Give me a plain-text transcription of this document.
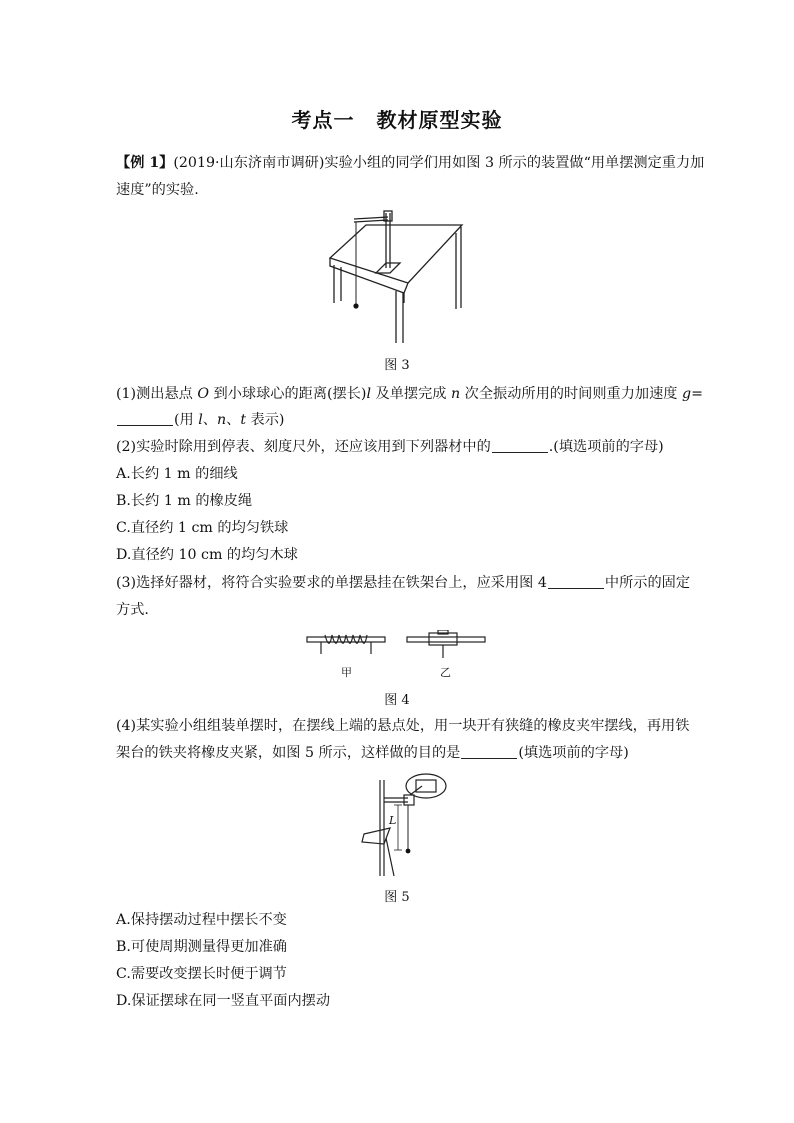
考点一 教材原型实验
【例 1】(2019·山东济南市调研)实验小组的同学们用如图 3 所示的装置做“用单摆测定重力加
速度”的实验.
图 3
(1)测出悬点 O 到小球球心的距离(摆长)l 及单摆完成 n 次全振动所用的时间则重力加速度 g=
(用 l、n、t 表示)
(2)实验时除用到停表、刻度尺外，还应该用到下列器材中的	.(填选项前的字母)
A.长约 1 m 的细线
B.长约 1 m 的橡皮绳
C.直径约 1 cm 的均匀铁球
D.直径约 10 cm 的均匀木球
(3)选择好器材，将符合实验要求的单摆悬挂在铁架台上，应采用图 4	中所示的固定
方式.
甲	乙
图 4
(4)某实验小组组装单摆时，在摆线上端的悬点处，用一块开有狭缝的橡皮夹牢摆线，再用铁
架台的铁夹将橡皮夹紧，如图 5 所示，这样做的目的是	(填选项前的字母)
L
图 5
A.保持摆动过程中摆长不变
B.可使周期测量得更加准确
C.需要改变摆长时便于调节
D.保证摆球在同一竖直平面内摆动
